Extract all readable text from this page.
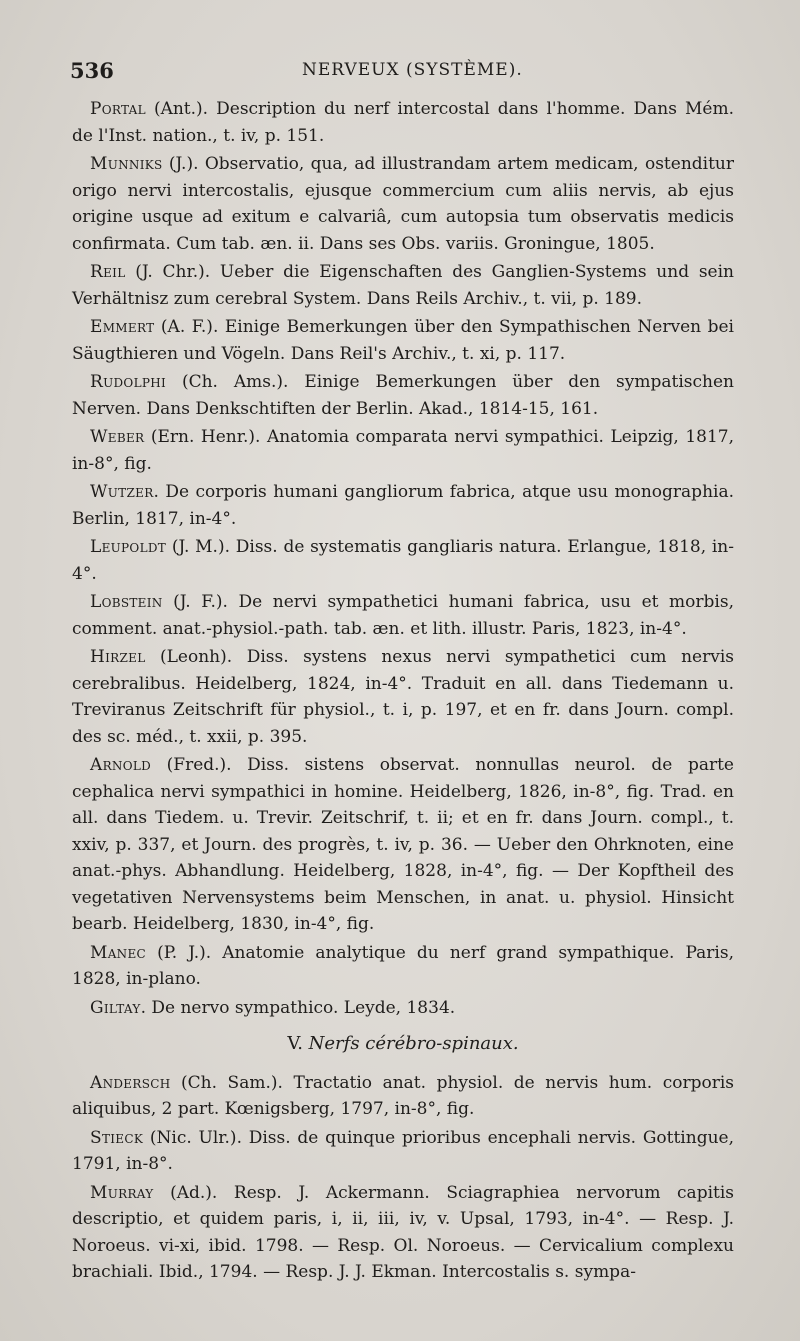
536	NERVEUX (SYSTÈME).

Portal (Ant.). Description du nerf intercostal dans l'homme. Dans Mém. de l'Inst. nation., t. iv, p. 151.

Munniks (J.). Observatio, qua, ad illustrandam artem medicam, ostenditur origo nervi intercostalis, ejusque commercium cum aliis nervis, ab ejus origine usque ad exitum e calvariâ, cum autopsia tum observatis medicis confirmata. Cum tab. æn. ii. Dans ses Obs. variis. Groningue, 1805.

Reil (J. Chr.). Ueber die Eigenschaften des Ganglien-Systems und sein Verhältnisz zum cerebral System. Dans Reils Archiv., t. vii, p. 189.

Emmert (A. F.). Einige Bemerkungen über den Sympathischen Nerven bei Säugthieren und Vögeln. Dans Reil's Archiv., t. xi, p. 117.

Rudolphi (Ch. Ams.). Einige Bemerkungen über den sympatischen Nerven. Dans Denkschtiften der Berlin. Akad., 1814-15, 161.

Weber (Ern. Henr.). Anatomia comparata nervi sympathici. Leipzig, 1817, in-8°, fig.

Wutzer. De corporis humani gangliorum fabrica, atque usu monographia. Berlin, 1817, in-4°.

Leupoldt (J. M.). Diss. de systematis gangliaris natura. Erlangue, 1818, in-4°.

Lobstein (J. F.). De nervi sympathetici humani fabrica, usu et morbis, comment. anat.-physiol.-path. tab. æn. et lith. illustr. Paris, 1823, in-4°.

Hirzel (Leonh). Diss. systens nexus nervi sympathetici cum nervis cerebralibus. Heidelberg, 1824, in-4°. Traduit en all. dans Tiedemann u. Treviranus Zeitschrift für physiol., t. i, p. 197, et en fr. dans Journ. compl. des sc. méd., t. xxii, p. 395.

Arnold (Fred.). Diss. sistens observat. nonnullas neurol. de parte cephalica nervi sympathici in homine. Heidelberg, 1826, in-8°, fig. Trad. en all. dans Tiedem. u. Trevir. Zeitschrif, t. ii; et en fr. dans Journ. compl., t. xxiv, p. 337, et Journ. des progrès, t. iv, p. 36. — Ueber den Ohrknoten, eine anat.-phys. Abhandlung. Heidelberg, 1828, in-4°, fig. — Der Kopftheil des vegetativen Nervensystems beim Menschen, in anat. u. physiol. Hinsicht bearb. Heidelberg, 1830, in-4°, fig.

Manec (P. J.). Anatomie analytique du nerf grand sympathique. Paris, 1828, in-plano.

Giltay. De nervo sympathico. Leyde, 1834.

V. Nerfs cérébro-spinaux.

Andersch (Ch. Sam.). Tractatio anat. physiol. de nervis hum. corporis aliquibus, 2 part. Kœnigsberg, 1797, in-8°, fig.

Stieck (Nic. Ulr.). Diss. de quinque prioribus encephali nervis. Gottingue, 1791, in-8°.

Murray (Ad.). Resp. J. Ackermann. Sciagraphiea nervorum capitis descriptio, et quidem paris, i, ii, iii, iv, v. Upsal, 1793, in-4°. — Resp. J. Noroeus. vi-xi, ibid. 1798. — Resp. Ol. Noroeus. — Cervicalium complexu brachiali. Ibid., 1794. — Resp. J. J. Ekman. Intercostalis s. sympa-
